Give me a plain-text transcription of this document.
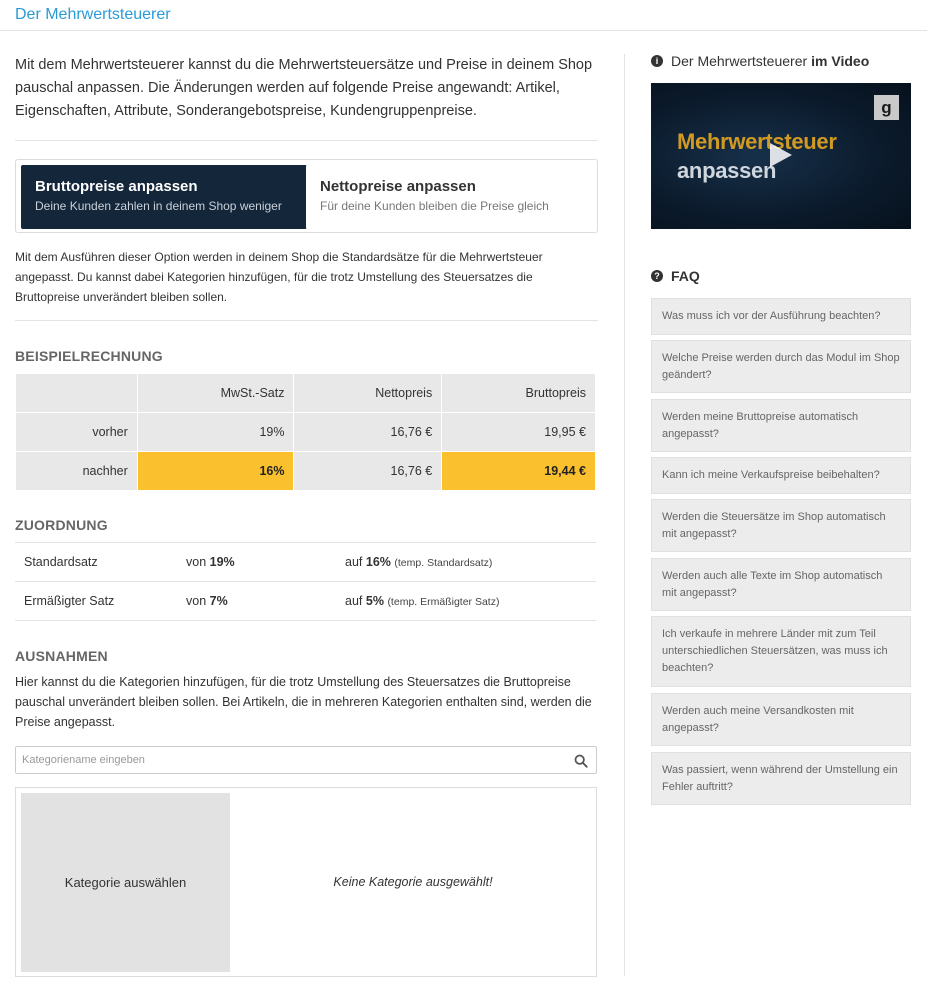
Der Mehrwertsteuerer

Mit dem Mehrwertsteuerer kannst du die Mehrwertsteuersätze und Preise in deinem Shop pauschal anpassen. Die Änderungen werden auf folgende Preise angewandt: Artikel, Eigenschaften, Attribute, Sonderangebotspreise, Kundengruppenpreise.

Bruttopreise anpassen
Deine Kunden zahlen in deinem Shop weniger
Nettopreise anpassen
Für deine Kunden bleiben die Preise gleich

Mit dem Ausführen dieser Option werden in deinem Shop die Standardsätze für die Mehrwertsteuer angepasst. Du kannst dabei Kategorien hinzufügen, für die trotz Umstellung des Steuersatzes die Bruttopreise unverändert bleiben sollen.

BEISPIELRECHNUNG
	MwSt.-Satz	Nettopreis	Bruttopreis
vorher	19%	16,76 €	19,95 €
nachher	16%	16,76 €	19,44 €
ZUORDNUNG
Standardsatz	von 19%	auf 16% (temp. Standardsatz)
Ermäßigter Satz	von 7%	auf 5% (temp. Ermäßigter Satz)
AUSNAHMEN

Hier kannst du die Kategorien hinzufügen, für die trotz Umstellung des Steuersatzes die Bruttopreise pauschal unverändert bleiben sollen. Bei Artikeln, die in mehreren Kategorien enthalten sind, werden die Preise angepasst.

Kategoriename eingeben
Kategorie auswählen	Keine Kategorie ausgewählt!
i Der Mehrwertsteuerer im Video
Mehrwertsteuer
anpassen
g
? FAQ
Was muss ich vor der Ausführung beachten?
Welche Preise werden durch das Modul im Shop geändert?
Werden meine Bruttopreise automatisch angepasst?
Kann ich meine Verkaufspreise beibehalten?
Werden die Steuersätze im Shop automatisch mit angepasst?
Werden auch alle Texte im Shop automatisch mit angepasst?
Ich verkaufe in mehrere Länder mit zum Teil unterschiedlichen Steuersätzen, was muss ich beachten?
Werden auch meine Versandkosten mit angepasst?
Was passiert, wenn während der Umstellung ein Fehler auftritt?
